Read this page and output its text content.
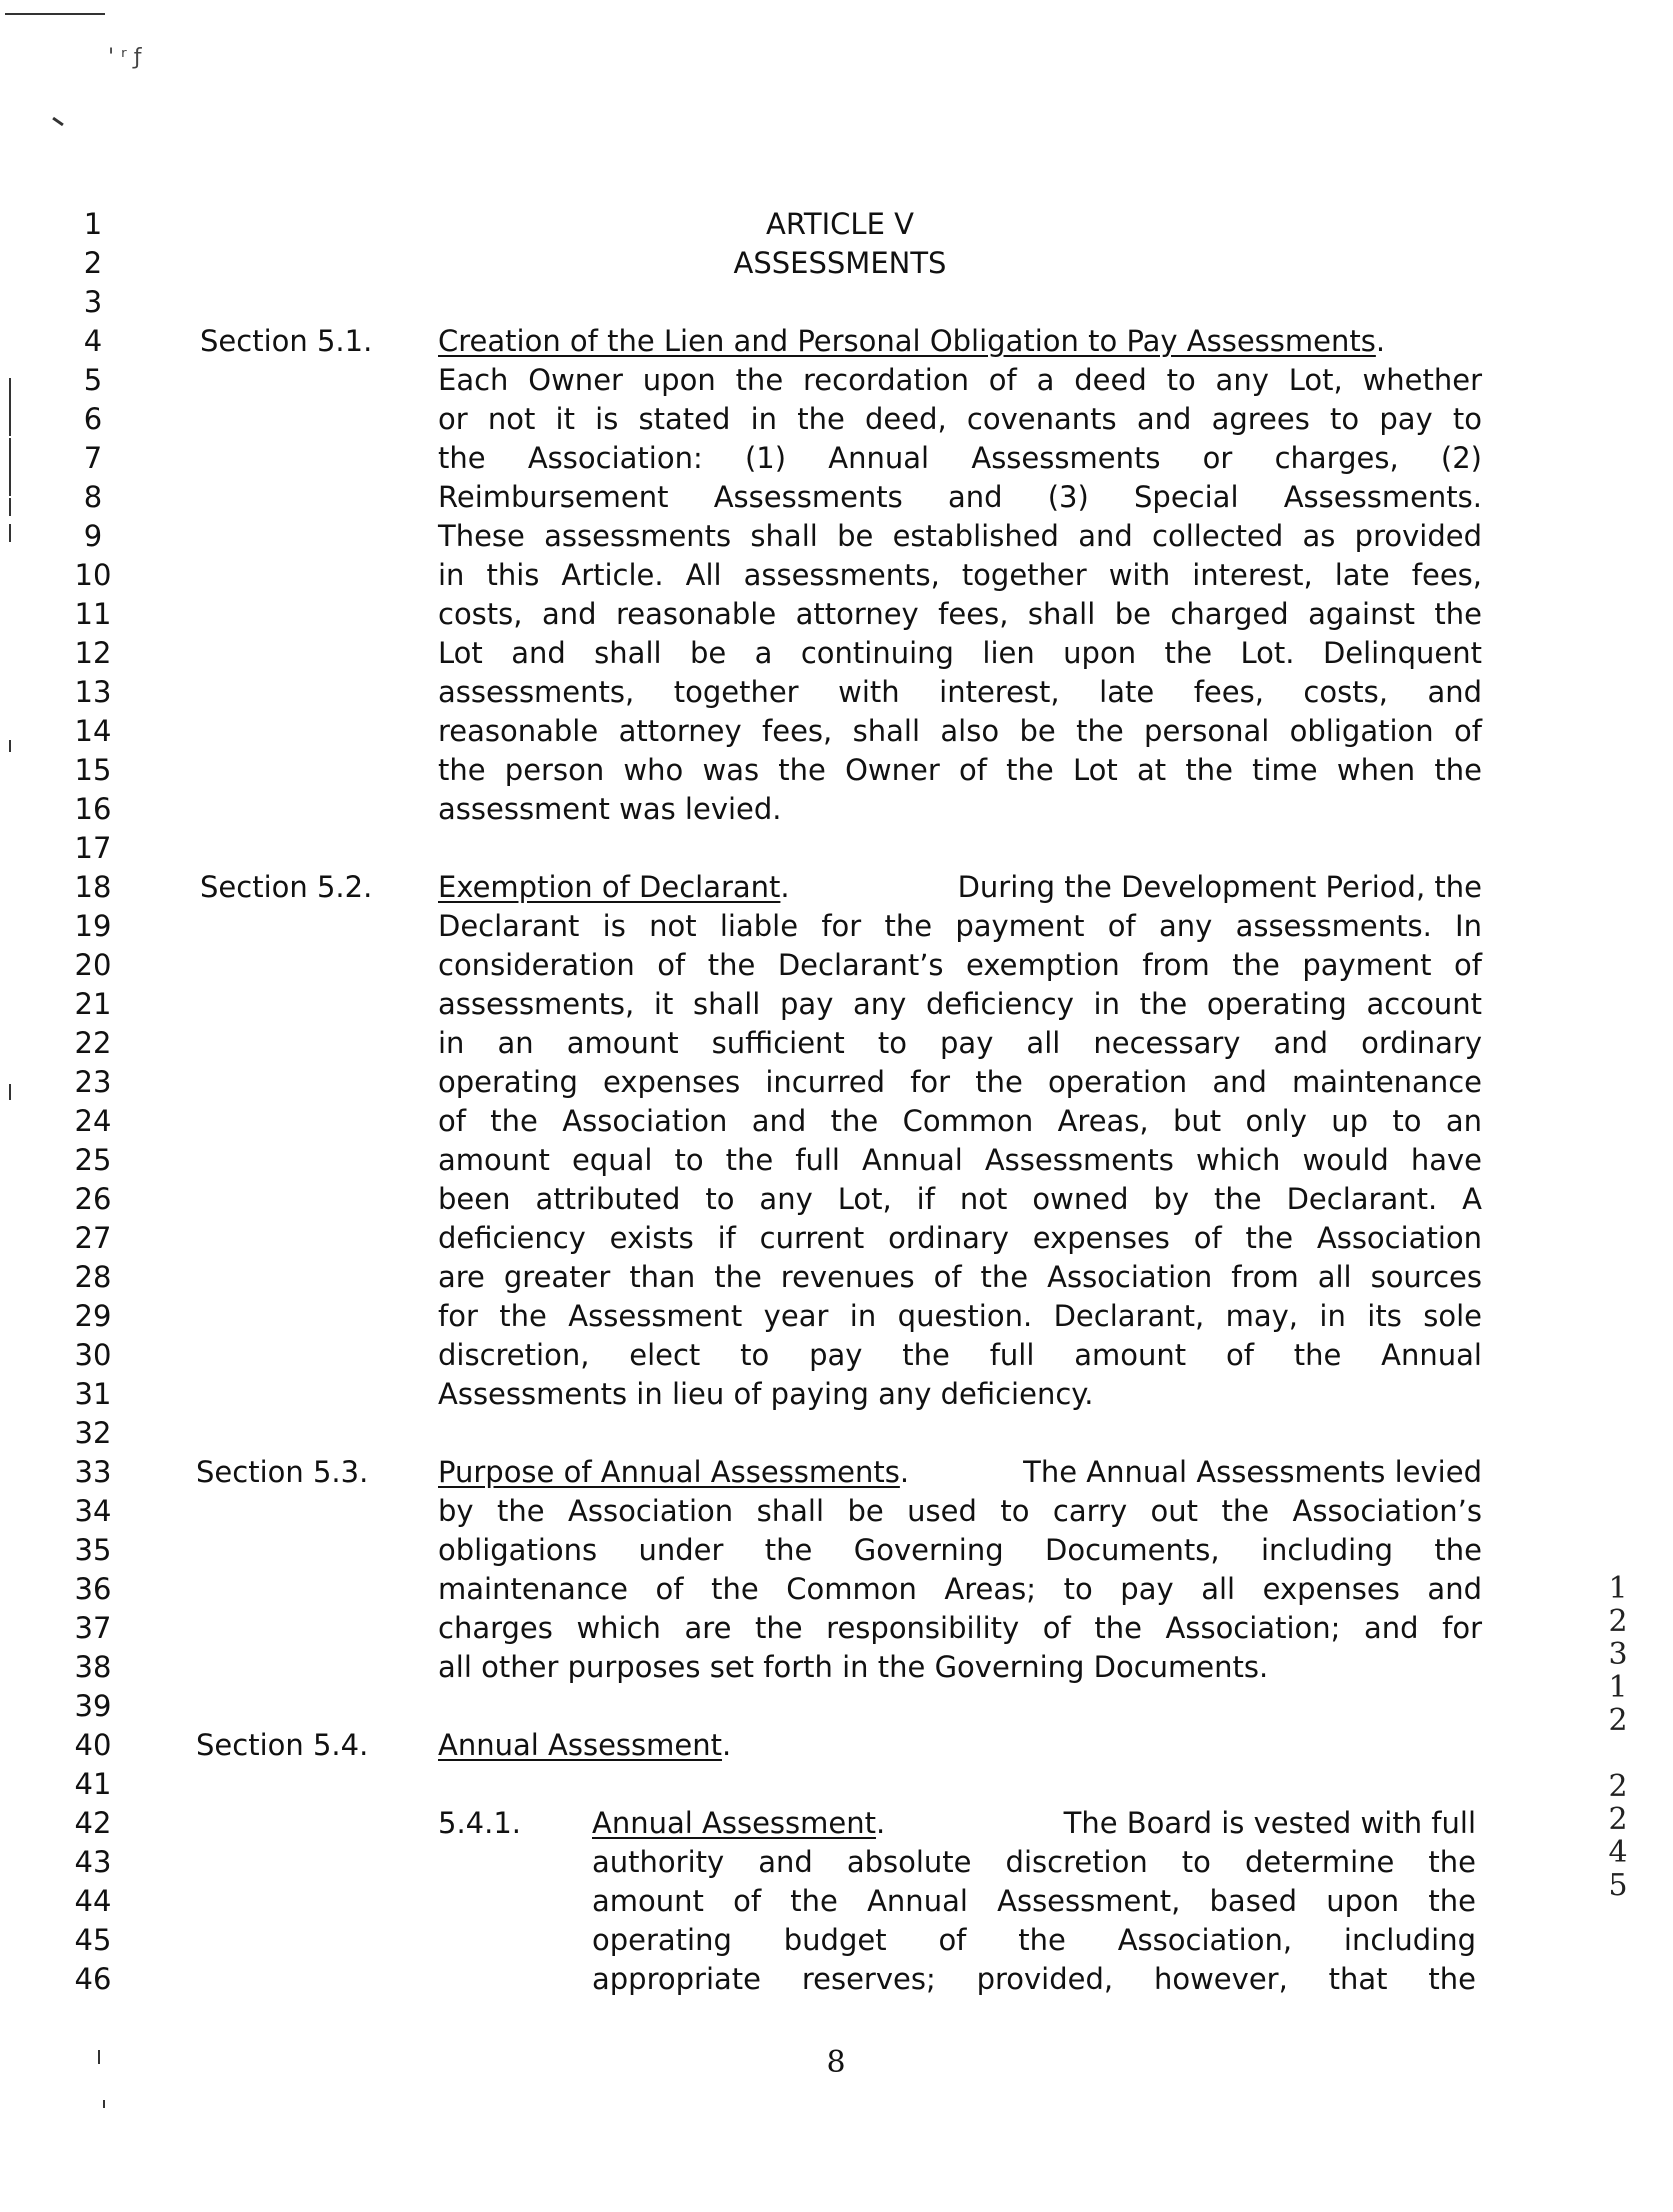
' ʳ ƒ
1
2
3
4
5
6
7
8
9
10
11
12
13
14
15
16
17
18
19
20
21
22
23
24
25
26
27
28
29
30
31
32
33
34
35
36
37
38
39
40
41
42
43
44
45
46
ARTICLE V
ASSESSMENTS
Section 5.1. Creation of the Lien and Personal Obligation to Pay Assessments.
Each Owner upon the recordation of a deed to any Lot, whether
or not it is stated in the deed, covenants and agrees to pay to
the Association: (1) Annual Assessments or charges, (2)
Reimbursement Assessments and (3) Special Assessments.
These assessments shall be established and collected as provided
in this Article. All assessments, together with interest, late fees,
costs, and reasonable attorney fees, shall be charged against the
Lot and shall be a continuing lien upon the Lot. Delinquent
assessments, together with interest, late fees, costs, and
reasonable attorney fees, shall also be the personal obligation of
the person who was the Owner of the Lot at the time when the
assessment was levied.
Section 5.2. Exemption of Declarant.	During the Development Period, the
Declarant is not liable for the payment of any assessments. In
consideration of the Declarant’s exemption from the payment of
assessments, it shall pay any deficiency in the operating account
in an amount sufficient to pay all necessary and ordinary
operating expenses incurred for the operation and maintenance
of the Association and the Common Areas, but only up to an
amount equal to the full Annual Assessments which would have
been attributed to any Lot, if not owned by the Declarant. A
deficiency exists if current ordinary expenses of the Association
are greater than the revenues of the Association from all sources
for the Assessment year in question. Declarant, may, in its sole
discretion, elect to pay the full amount of the Annual
Assessments in lieu of paying any deficiency.
Section 5.3. Purpose of Annual Assessments.	The Annual Assessments levied
by the Association shall be used to carry out the Association’s
obligations under the Governing Documents, including the
maintenance of the Common Areas; to pay all expenses and
charges which are the responsibility of the Association; and for
all other purposes set forth in the Governing Documents.
Section 5.4. Annual Assessment.
5.4.1. Annual Assessment.	The Board is vested with full
authority and absolute discretion to determine the
amount of the Annual Assessment, based upon the
operating budget of the Association, including
appropriate reserves; provided, however, that the
1
2
3
1
2
2
2
4
5
8
